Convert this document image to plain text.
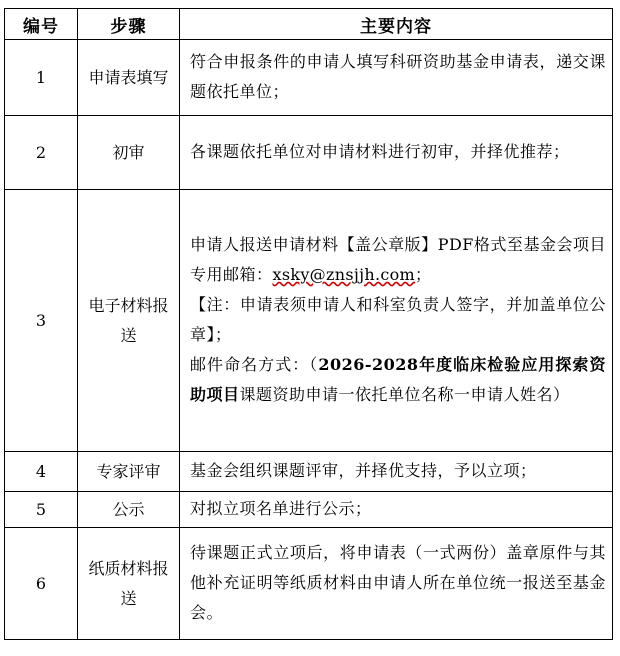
编号	步骤	主要内容
1	申请表填写	符合申报条件的申请人填写科研资助基金申请表，递交课题依托单位；
2	初审	各课题依托单位对申请材料进行初审，并择优推荐；
3	电子材料报送	申请人报送申请材料【盖公章版】PDF格式至基金会项目专用邮箱：xsky@znsjjh.com；
【注：申请表须申请人和科室负责人签字，并加盖单位公章】；
邮件命名方式：（2026-2028年度临床检验应用探索资助项目课题资助申请一依托单位名称一申请人姓名）
4	专家评审	基金会组织课题评审，并择优支持，予以立项；
5	公示	对拟立项名单进行公示；
6	纸质材料报送	待课题正式立项后，将申请表（一式两份）盖章原件与其他补充证明等纸质材料由申请人所在单位统一报送至基金会。
